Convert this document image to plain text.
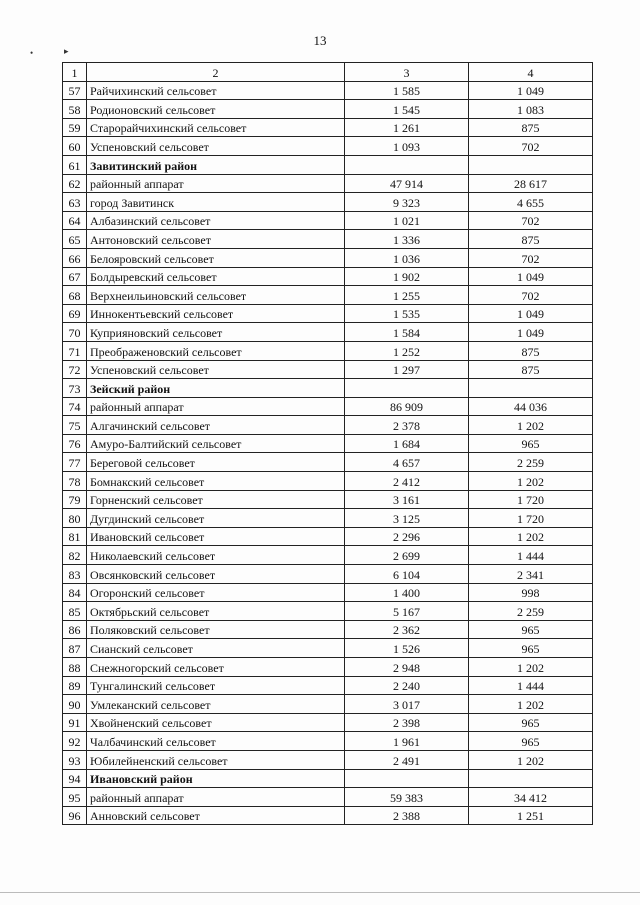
13
•	▸
1	2	3	4
57	Райчихинский сельсовет	1 585	1 049
58	Родионовский сельсовет	1 545	1 083
59	Старорайчихинский сельсовет	1 261	875
60	Успеновский сельсовет	1 093	702
61	Завитинский район		
62	районный аппарат	47 914	28 617
63	город Завитинск	9 323	4 655
64	Албазинский сельсовет	1 021	702
65	Антоновский сельсовет	1 336	875
66	Белояровский сельсовет	1 036	702
67	Болдыревский сельсовет	1 902	1 049
68	Верхнеильиновский сельсовет	1 255	702
69	Иннокентьевский сельсовет	1 535	1 049
70	Куприяновский сельсовет	1 584	1 049
71	Преображеновский сельсовет	1 252	875
72	Успеновский сельсовет	1 297	875
73	Зейский район		
74	районный аппарат	86 909	44 036
75	Алгачинский сельсовет	2 378	1 202
76	Амуро-Балтийский сельсовет	1 684	965
77	Береговой сельсовет	4 657	2 259
78	Бомнакский сельсовет	2 412	1 202
79	Горненский сельсовет	3 161	1 720
80	Дугдинский сельсовет	3 125	1 720
81	Ивановский сельсовет	2 296	1 202
82	Николаевский сельсовет	2 699	1 444
83	Овсянковский сельсовет	6 104	2 341
84	Огоронский сельсовет	1 400	998
85	Октябрьский сельсовет	5 167	2 259
86	Поляковский сельсовет	2 362	965
87	Сианский сельсовет	1 526	965
88	Снежногорский сельсовет	2 948	1 202
89	Тунгалинский сельсовет	2 240	1 444
90	Умлеканский сельсовет	3 017	1 202
91	Хвойненский сельсовет	2 398	965
92	Чалбачинский сельсовет	1 961	965
93	Юбилейненский сельсовет	2 491	1 202
94	Ивановский район		
95	районный аппарат	59 383	34 412
96	Анновский сельсовет	2 388	1 251
